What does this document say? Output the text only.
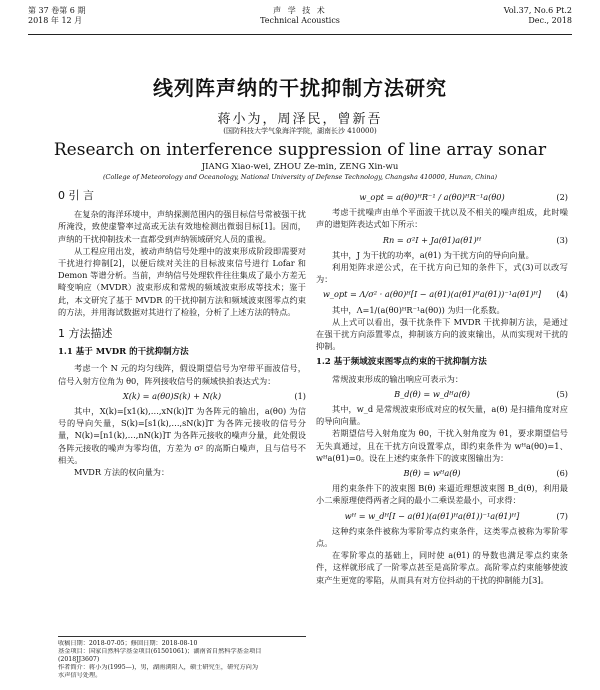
第 37 卷第 6 期
2018 年 12 月
声 学 技 术
Technical Acoustics
Vol.37, No.6 Pt.2
Dec., 2018
线列阵声纳的干扰抑制方法研究
蒋小为，周泽民，曾新吾
(国防科技大学气象海洋学院，湖南长沙 410000)
Research on interference suppression of line array sonar
JIANG Xiao-wei, ZHOU Ze-min, ZENG Xin-wu
(College of Meteorology and Oceanology, National University of Defense Technology, Changsha 410000, Hunan, China)
0 引 言

在复杂的海洋环境中，声纳探测范围内的强目标信号常被强干扰所淹没，致使虚警率过高或无法有效地检测出微弱目标[1]。因而，声纳的干扰抑制技术一直都受到声纳领域研究人员的重视。

从工程应用出发，被动声纳信号处理中的波束形成阶段即需要对干扰进行抑制[2]，以便后续对关注的目标波束信号进行 Lofar 和 Demon 等谱分析。当前，声纳信号处理软件往往集成了最小方差无畸变响应（MVDR）波束形成和常规的频域波束形成等技术；鉴于此，本文研究了基于 MVDR 的干扰抑制方法和频域波束图零点约束的方法，并用海试数据对其进行了检验，分析了上述方法的特点。

1 方法描述
1.1 基于 MVDR 的干扰抑制方法

考虑一个 N 元的均匀线阵，假设期望信号为窄带平面波信号，信号入射方位角为 θ0，阵列接收信号的频域快拍表达式为：

X(k) = a(θ0)S(k) + N(k)	(1)

其中，X(k)=[x1(k),…,xN(k)]T 为各阵元的输出，a(θ0) 为信号的导向矢量，S(k)=[s1(k),…,sN(k)]T 为各阵元接收的信号分量，N(k)=[n1(k),…,nN(k)]T 为各阵元接收的噪声分量，此处假设各阵元接收的噪声为零均值，方差为 σ² 的高斯白噪声，且与信号不相关。

MVDR 方法的权向量为：

w_opt = a(θ0)ᴴR⁻¹ / a(θ0)ᴴR⁻¹a(θ0)	(2)

考虑干扰噪声由单个平面波干扰以及不相关的噪声组成，此时噪声的谱矩阵表达式如下所示：

Rn = σ²I + Ja(θ1)a(θ1)ᴴ	(3)

其中，J 为干扰的功率，a(θ1) 为干扰方向的导向向量。

利用矩阵求逆公式，在干扰方向已知的条件下，式(3)可以改写为：

w_opt = Λ/σ² · a(θ0)ᴴ[I − a(θ1)(a(θ1)ᴴa(θ1))⁻¹a(θ1)ᴴ]	(4)

其中，Λ=1/(a(θ0)ᴴR⁻¹a(θ0)) 为归一化系数。

从上式可以看出，强干扰条件下 MVDR 干扰抑制方法，是通过在强干扰方向添置零点，抑制该方向的波束输出，从而实现对干扰的抑制。

1.2 基于频域波束图零点约束的干扰抑制方法

常规波束形成的输出响应可表示为：

B_d(θ) = w_dᴴa(θ)	(5)

其中，w_d 是常规波束形成对应的权矢量，a(θ) 是扫描角度对应的导向向量。

若期望信号入射角度为 θ0，干扰入射角度为 θ1，要求期望信号无失真通过，且在干扰方向设置零点，即约束条件为 wᴴa(θ0)=1、wᴴa(θ1)=0。设在上述约束条件下的波束图输出为：

B(θ) = wᴴa(θ)	(6)

用约束条件下的波束图 B(θ) 来逼近理想波束图 B_d(θ)，利用最小二乘原理使得两者之间的最小二乘误差最小，可求得：

wᴴ = w_dᴴ[I − a(θ1)(a(θ1)ᴴa(θ1))⁻¹a(θ1)ᴴ]	(7)

这种约束条件被称为零阶零点约束条件，这类零点被称为零阶零点。

在零阶零点的基础上，同时使 a(θ1) 的导数也满足零点约束条件，这样就形成了一阶零点甚至是高阶零点。高阶零点约束能够使波束产生更宽的零陷，从而具有对方位抖动的干扰的抑制能力[3]。

收稿日期：2018-07-05；修回日期：2018-08-10
基金项目：国家自然科学基金项目(61501061)；湖南省自然科学基金项目
(2018JJ3607)
作者简介：蒋小为(1995—)，男，湖南浏阳人，硕士研究生，研究方向为
水声信号处理。
